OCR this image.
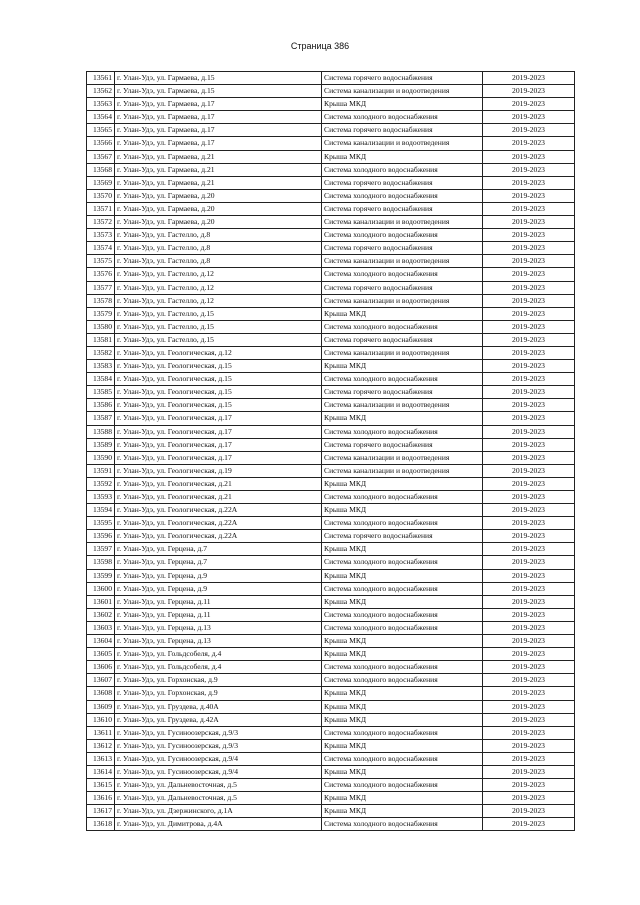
Страница 386
13561	г. Улан-Удэ, ул. Гармаева, д.15	Система горячего водоснабжения	2019-2023
13562	г. Улан-Удэ, ул. Гармаева, д.15	Система канализации и водоотведения	2019-2023
13563	г. Улан-Удэ, ул. Гармаева, д.17	Крыша МКД	2019-2023
13564	г. Улан-Удэ, ул. Гармаева, д.17	Система холодного водоснабжения	2019-2023
13565	г. Улан-Удэ, ул. Гармаева, д.17	Система горячего водоснабжения	2019-2023
13566	г. Улан-Удэ, ул. Гармаева, д.17	Система канализации и водоотведения	2019-2023
13567	г. Улан-Удэ, ул. Гармаева, д.21	Крыша МКД	2019-2023
13568	г. Улан-Удэ, ул. Гармаева, д.21	Система холодного водоснабжения	2019-2023
13569	г. Улан-Удэ, ул. Гармаева, д.21	Система горячего водоснабжения	2019-2023
13570	г. Улан-Удэ, ул. Гармаева, д.20	Система холодного водоснабжения	2019-2023
13571	г. Улан-Удэ, ул. Гармаева, д.20	Система горячего водоснабжения	2019-2023
13572	г. Улан-Удэ, ул. Гармаева, д.20	Система канализации и водоотведения	2019-2023
13573	г. Улан-Удэ, ул. Гастелло, д.8	Система холодного водоснабжения	2019-2023
13574	г. Улан-Удэ, ул. Гастелло, д.8	Система горячего водоснабжения	2019-2023
13575	г. Улан-Удэ, ул. Гастелло, д.8	Система канализации и водоотведения	2019-2023
13576	г. Улан-Удэ, ул. Гастелло, д.12	Система холодного водоснабжения	2019-2023
13577	г. Улан-Удэ, ул. Гастелло, д.12	Система горячего водоснабжения	2019-2023
13578	г. Улан-Удэ, ул. Гастелло, д.12	Система канализации и водоотведения	2019-2023
13579	г. Улан-Удэ, ул. Гастелло, д.15	Крыша МКД	2019-2023
13580	г. Улан-Удэ, ул. Гастелло, д.15	Система холодного водоснабжения	2019-2023
13581	г. Улан-Удэ, ул. Гастелло, д.15	Система горячего водоснабжения	2019-2023
13582	г. Улан-Удэ, ул. Геологическая, д.12	Система канализации и водоотведения	2019-2023
13583	г. Улан-Удэ, ул. Геологическая, д.15	Крыша МКД	2019-2023
13584	г. Улан-Удэ, ул. Геологическая, д.15	Система холодного водоснабжения	2019-2023
13585	г. Улан-Удэ, ул. Геологическая, д.15	Система горячего водоснабжения	2019-2023
13586	г. Улан-Удэ, ул. Геологическая, д.15	Система канализации и водоотведения	2019-2023
13587	г. Улан-Удэ, ул. Геологическая, д.17	Крыша МКД	2019-2023
13588	г. Улан-Удэ, ул. Геологическая, д.17	Система холодного водоснабжения	2019-2023
13589	г. Улан-Удэ, ул. Геологическая, д.17	Система горячего водоснабжения	2019-2023
13590	г. Улан-Удэ, ул. Геологическая, д.17	Система канализации и водоотведения	2019-2023
13591	г. Улан-Удэ, ул. Геологическая, д.19	Система канализации и водоотведения	2019-2023
13592	г. Улан-Удэ, ул. Геологическая, д.21	Крыша МКД	2019-2023
13593	г. Улан-Удэ, ул. Геологическая, д.21	Система холодного водоснабжения	2019-2023
13594	г. Улан-Удэ, ул. Геологическая, д.22А	Крыша МКД	2019-2023
13595	г. Улан-Удэ, ул. Геологическая, д.22А	Система холодного водоснабжения	2019-2023
13596	г. Улан-Удэ, ул. Геологическая, д.22А	Система горячего водоснабжения	2019-2023
13597	г. Улан-Удэ, ул. Герцена, д.7	Крыша МКД	2019-2023
13598	г. Улан-Удэ, ул. Герцена, д.7	Система холодного водоснабжения	2019-2023
13599	г. Улан-Удэ, ул. Герцена, д.9	Крыша МКД	2019-2023
13600	г. Улан-Удэ, ул. Герцена, д.9	Система холодного водоснабжения	2019-2023
13601	г. Улан-Удэ, ул. Герцена, д.11	Крыша МКД	2019-2023
13602	г. Улан-Удэ, ул. Герцена, д.11	Система холодного водоснабжения	2019-2023
13603	г. Улан-Удэ, ул. Герцена, д.13	Система холодного водоснабжения	2019-2023
13604	г. Улан-Удэ, ул. Герцена, д.13	Крыша МКД	2019-2023
13605	г. Улан-Удэ, ул. Гольдсобеля, д.4	Крыша МКД	2019-2023
13606	г. Улан-Удэ, ул. Гольдсобеля, д.4	Система холодного водоснабжения	2019-2023
13607	г. Улан-Удэ, ул. Горхонская, д.9	Система холодного водоснабжения	2019-2023
13608	г. Улан-Удэ, ул. Горхонская, д.9	Крыша МКД	2019-2023
13609	г. Улан-Удэ, ул. Груздева, д.40А	Крыша МКД	2019-2023
13610	г. Улан-Удэ, ул. Груздева, д.42А	Крыша МКД	2019-2023
13611	г. Улан-Удэ, ул. Гусиноозерская, д.9/3	Система холодного водоснабжения	2019-2023
13612	г. Улан-Удэ, ул. Гусиноозерская, д.9/3	Крыша МКД	2019-2023
13613	г. Улан-Удэ, ул. Гусиноозерская, д.9/4	Система холодного водоснабжения	2019-2023
13614	г. Улан-Удэ, ул. Гусиноозерская, д.9/4	Крыша МКД	2019-2023
13615	г. Улан-Удэ, ул. Дальневосточная, д.5	Система холодного водоснабжения	2019-2023
13616	г. Улан-Удэ, ул. Дальневосточная, д.5	Крыша МКД	2019-2023
13617	г. Улан-Удэ, ул. Дзержинского, д.1А	Крыша МКД	2019-2023
13618	г. Улан-Удэ, ул. Димитрова, д.4А	Система холодного водоснабжения	2019-2023
